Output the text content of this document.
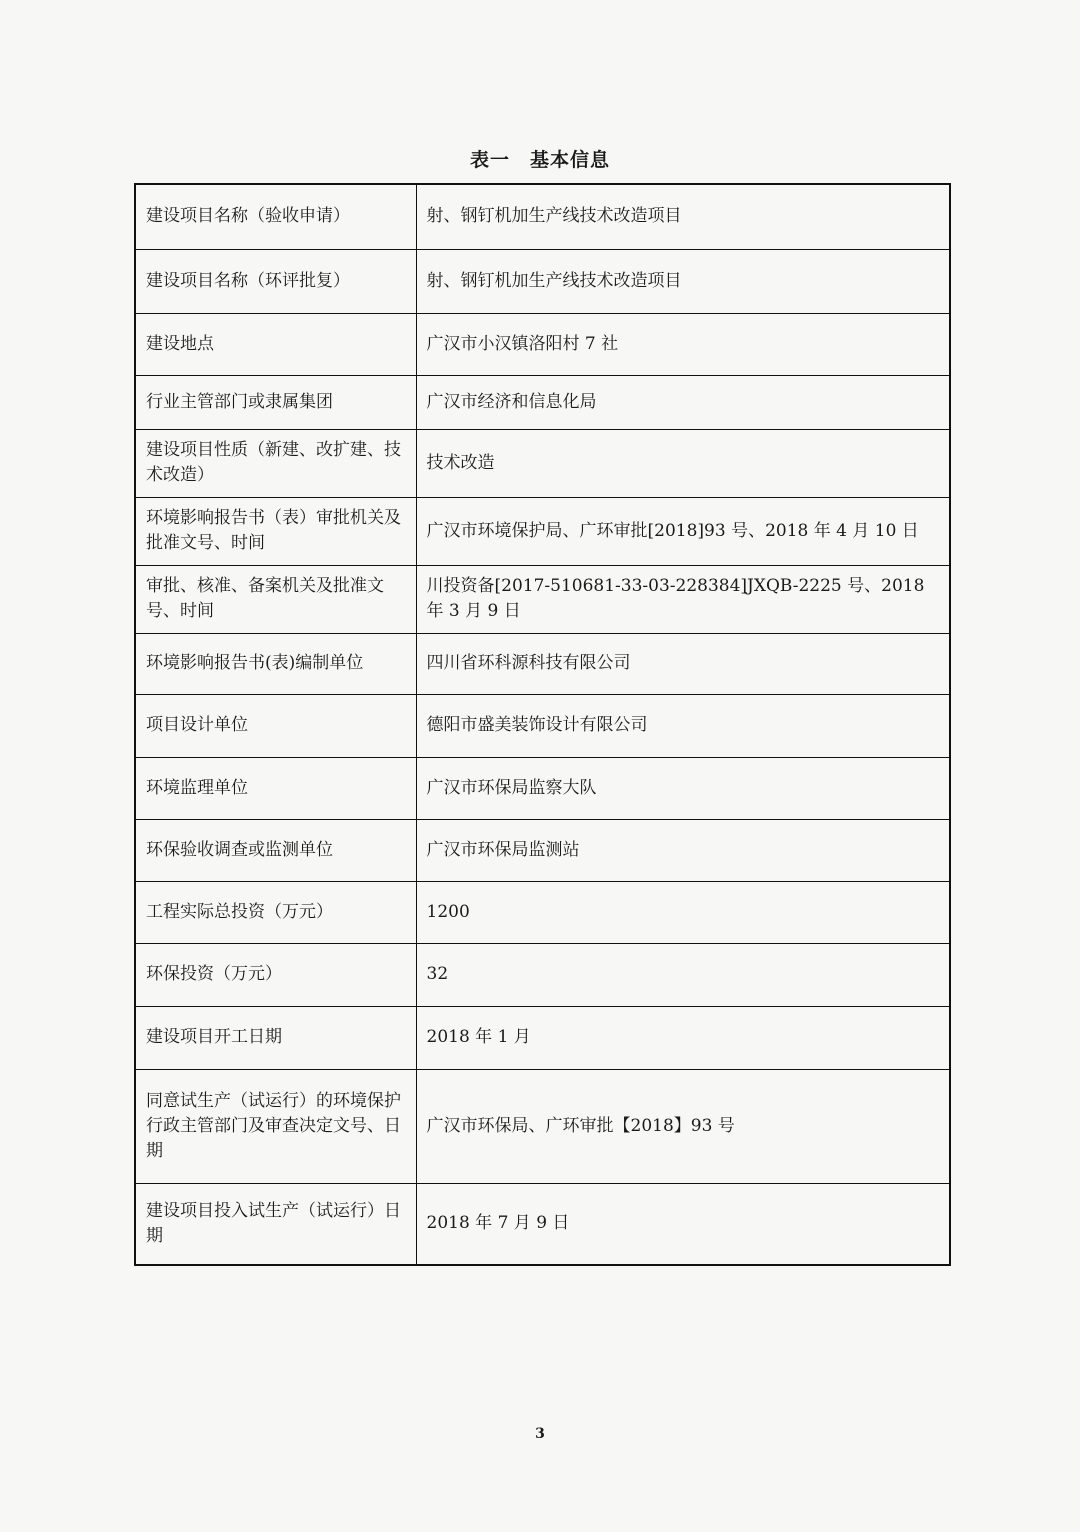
表一　基本信息
建设项目名称（验收申请）	射、钢钉机加生产线技术改造项目
建设项目名称（环评批复）	射、钢钉机加生产线技术改造项目
建设地点	广汉市小汉镇洛阳村 7 社
行业主管部门或隶属集团	广汉市经济和信息化局
建设项目性质（新建、改扩建、技术改造）	技术改造
环境影响报告书（表）审批机关及批准文号、时间	广汉市环境保护局、广环审批[2018]93 号、2018 年 4 月 10 日
审批、核准、备案机关及批准文号、时间	川投资备[2017-510681-33-03-228384]JXQB-2225 号、2018 年 3 月 9 日
环境影响报告书(表)编制单位	四川省环科源科技有限公司
项目设计单位	德阳市盛美装饰设计有限公司
环境监理单位	广汉市环保局监察大队
环保验收调查或监测单位	广汉市环保局监测站
工程实际总投资（万元）	1200
环保投资（万元）	32
建设项目开工日期	2018 年 1 月
同意试生产（试运行）的环境保护行政主管部门及审查决定文号、日期	广汉市环保局、广环审批【2018】93 号
建设项目投入试生产（试运行）日期	2018 年 7 月 9 日
3
